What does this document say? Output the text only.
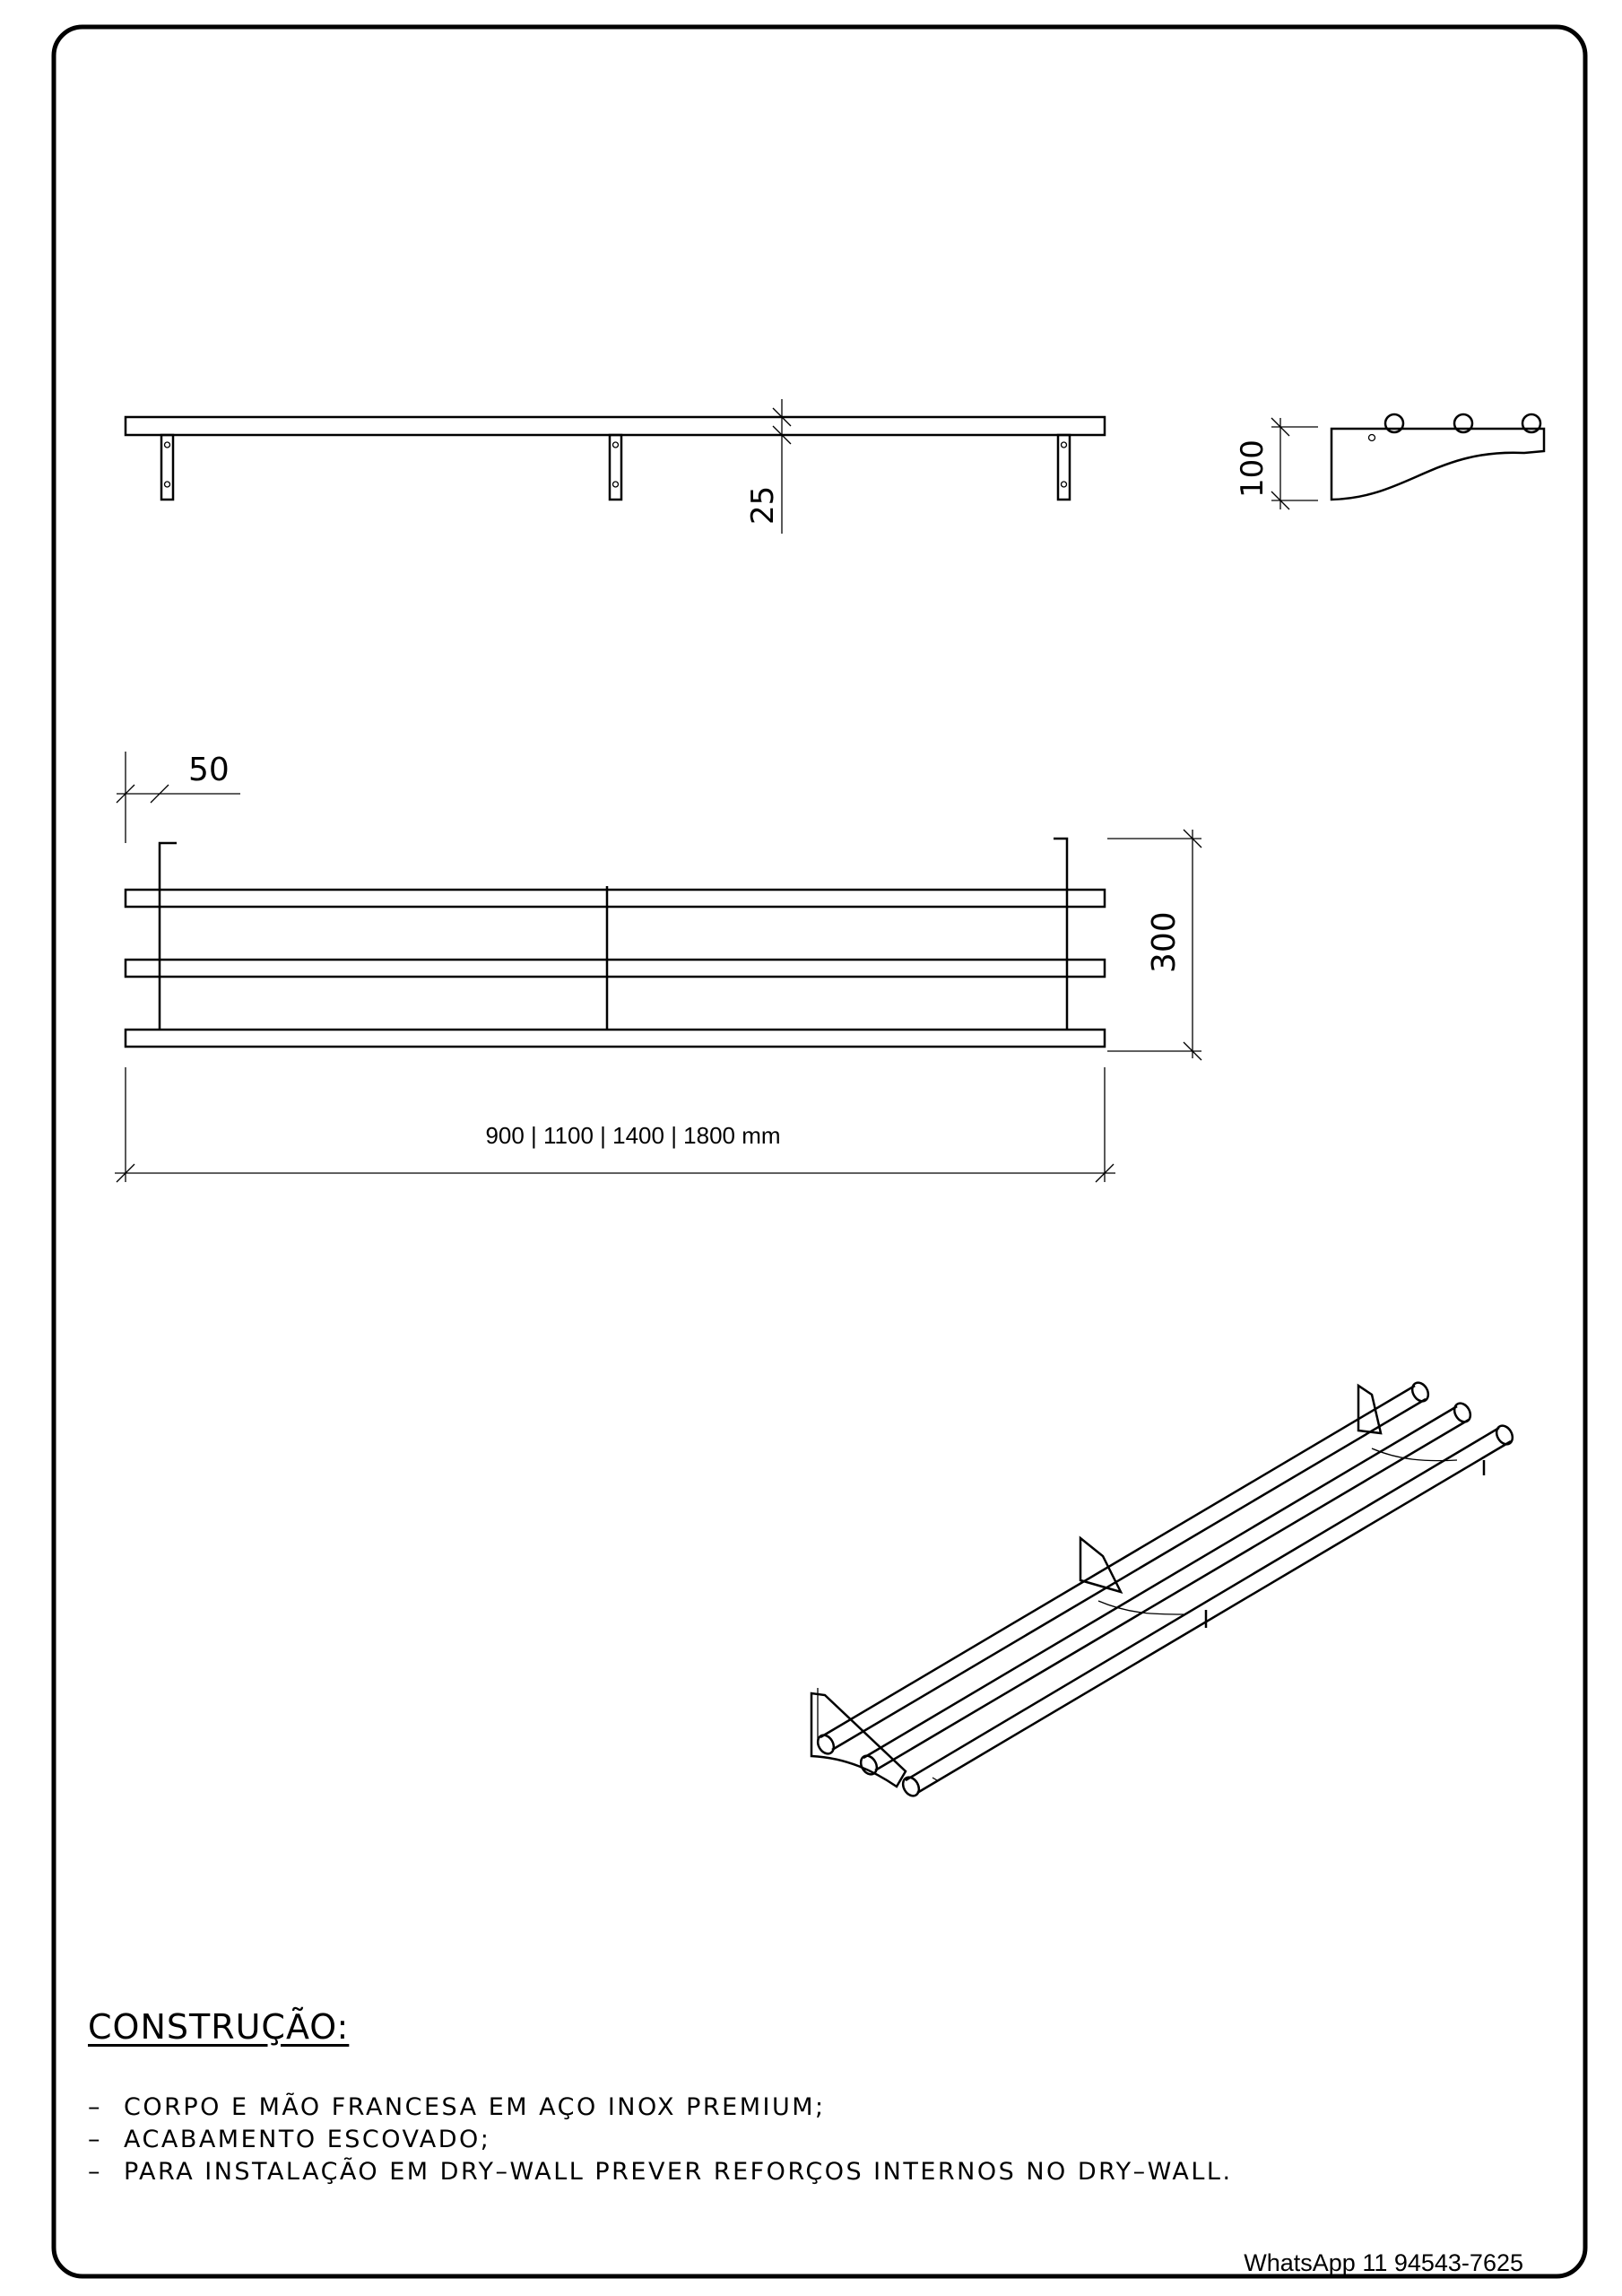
25
100
50
300
900 | 1100 | 1400 | 1800 mm
CONSTRUÇÃO:
– CORPO E MÃO FRANCESA EM AÇO INOX PREMIUM;
– ACABAMENTO ESCOVADO;
– PARA INSTALAÇÃO EM DRY–WALL PREVER REFORÇOS INTERNOS NO DRY–WALL.
WhatsApp 11 94543-7625
